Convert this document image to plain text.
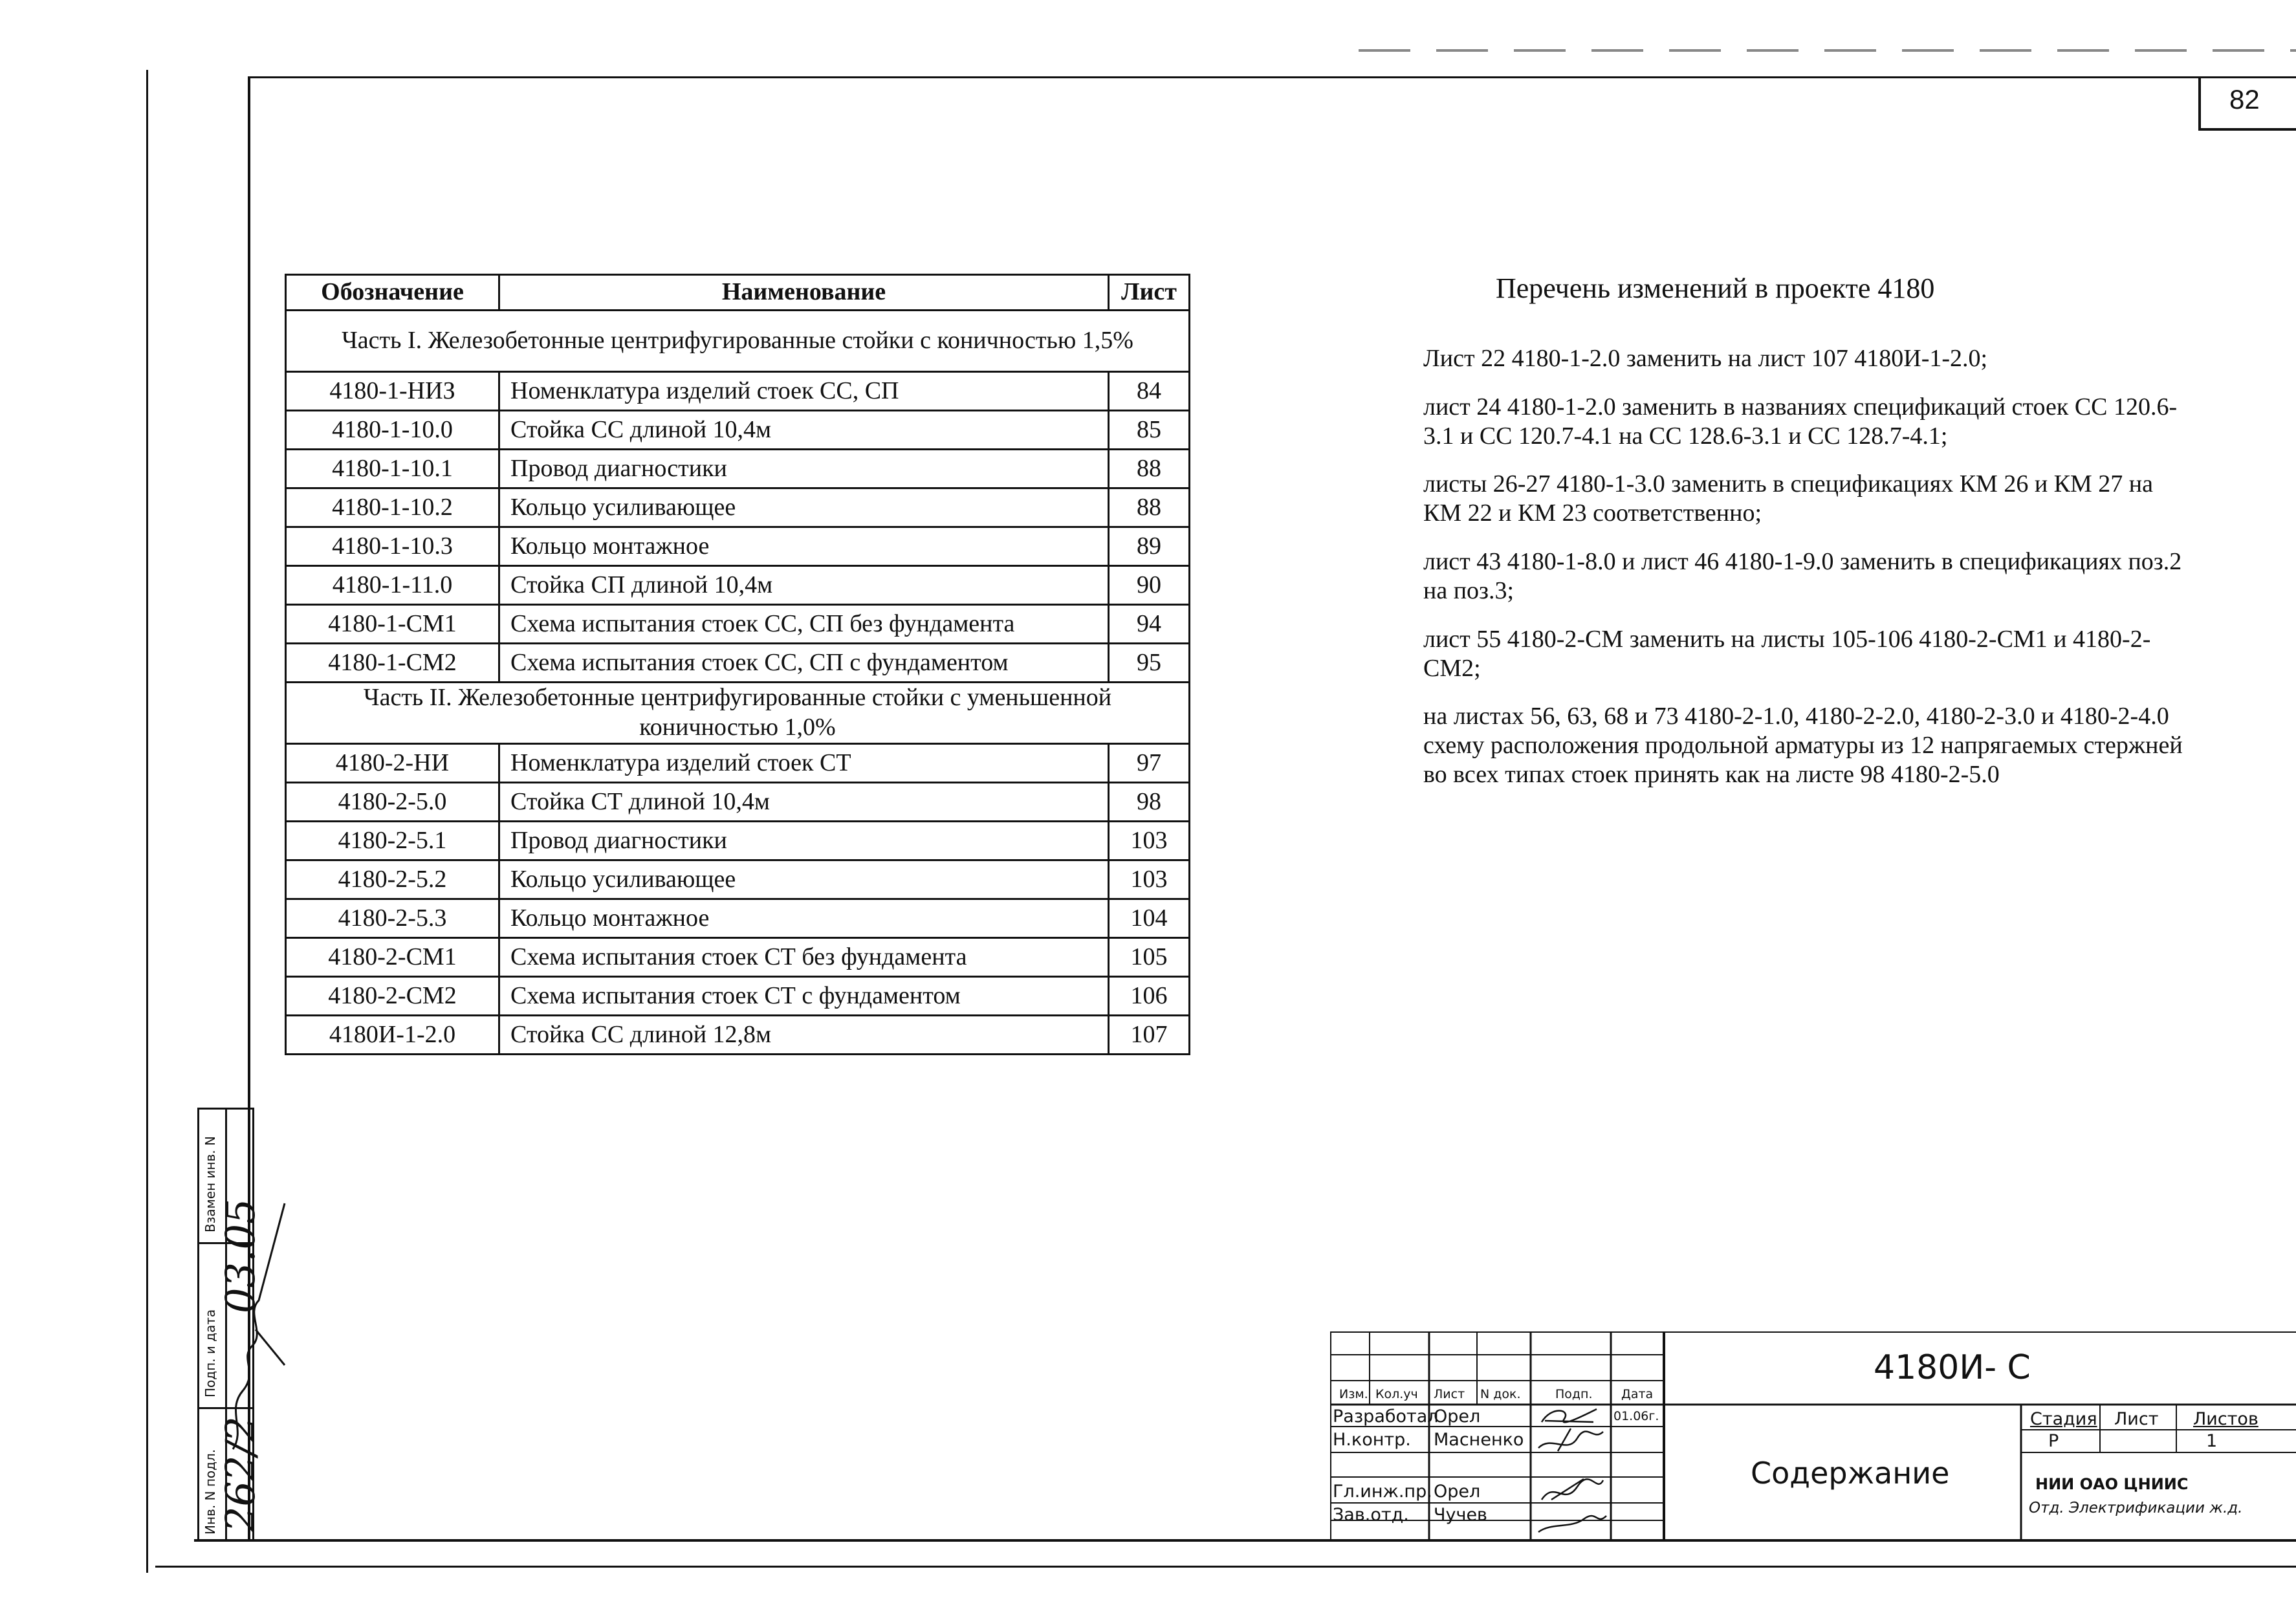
82
Обозначение	Наименование	Лист
Часть I. Железобетонные центрифугированные стойки с коничностью 1,5%		
4180-1-НИЗ	Номенклатура изделий стоек СС, СП	84
4180-1-10.0	Стойка СС длиной 10,4м	85
4180-1-10.1	Провод диагностики	88
4180-1-10.2	Кольцо усиливающее	88
4180-1-10.3	Кольцо монтажное	89
4180-1-11.0	Стойка СП длиной 10,4м	90
4180-1-СМ1	Схема испытания стоек СС, СП без фундамента	94
4180-1-СМ2	Схема испытания стоек СС, СП с фундаментом	95
Часть II. Железобетонные центрифугированные стойки с уменьшенной коничностью 1,0%		
4180-2-НИ	Номенклатура изделий стоек СТ	97
4180-2-5.0	Стойка СТ длиной 10,4м	98
4180-2-5.1	Провод диагностики	103
4180-2-5.2	Кольцо усиливающее	103
4180-2-5.3	Кольцо монтажное	104
4180-2-СМ1	Схема испытания стоек СТ без фундамента	105
4180-2-СМ2	Схема испытания стоек СТ с фундаментом	106
4180И-1-2.0	Стойка СС длиной 12,8м	107
Перечень изменений в проекте 4180

Лист 22 4180-1-2.0 заменить на лист 107 4180И-1-2.0;

лист 24 4180-1-2.0 заменить в названиях спецификаций стоек СС 120.6-3.1 и СС 120.7-4.1 на СС 128.6-3.1 и СС 128.7-4.1;

листы 26-27 4180-1-3.0 заменить в спецификациях КМ 26 и КМ 27 на КМ 22 и КМ 23 соответственно;

лист 43 4180-1-8.0 и лист 46 4180-1-9.0 заменить в спецификациях поз.2 на поз.3;

лист 55 4180-2-СМ заменить на листы 105-106 4180-2-СМ1 и 4180-2-СМ2;

на листах 56, 63, 68 и 73 4180-2-1.0, 4180-2-2.0, 4180-2-3.0 и 4180-2-4.0 схему расположения продольной арматуры из 12 напрягаемых стержней во всех типах стоек принять как на листе 98 4180-2-5.0

Инв. N подл.
Подп. и дата
Взамен инв. N
262/2
03.05
Изм. Кол.уч Лист N док.	Подп. Дата
Разработал
Орел	01.06г.
Н.контр. Масненко
Гл.инж.пр. Орел
Зав.отд. Чучев
4180И- С
Содержание
Стадия Лист Листов
Р	1
НИИ ОАО ЦНИИС
Отд. Электрификации ж.д.
